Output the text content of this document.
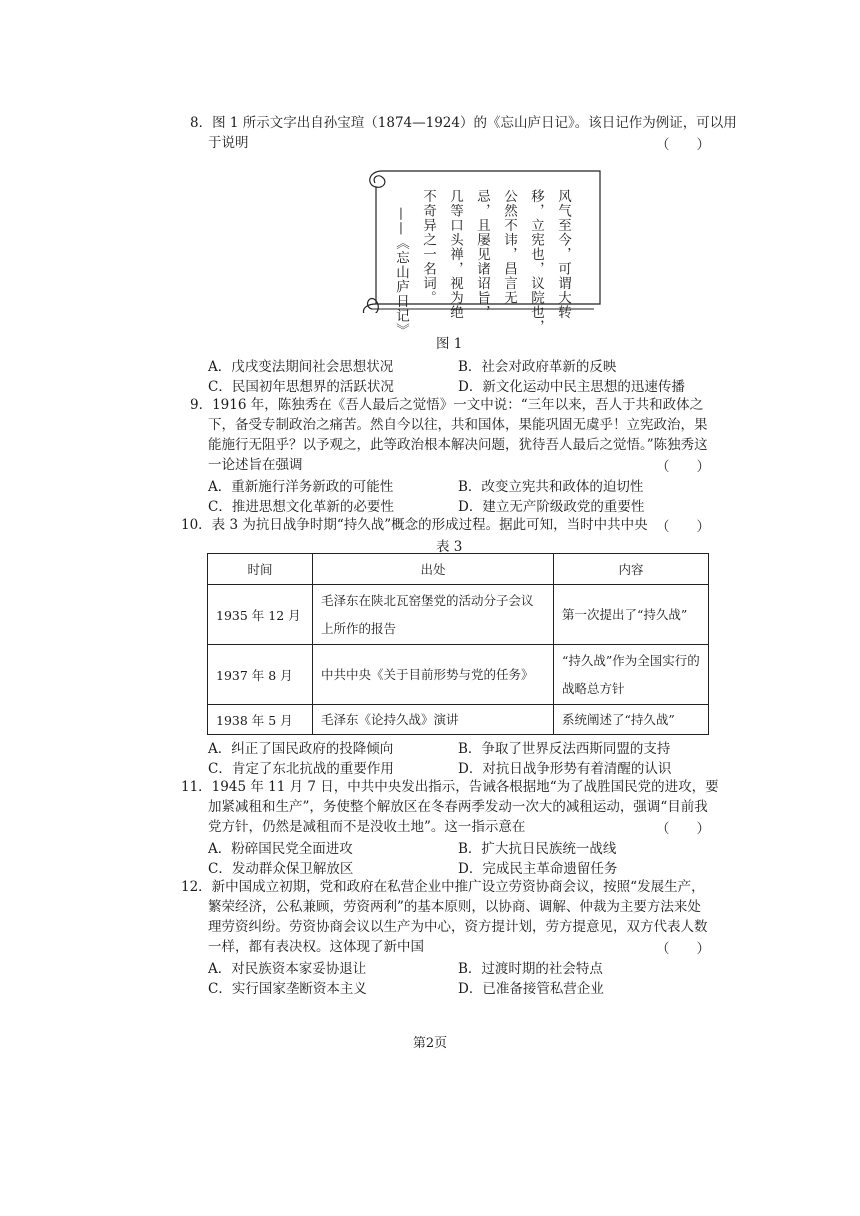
8．图 1 所示文字出自孙宝瑄（1874—1924）的《忘山庐日记》。该日记作为例证，可以用
于说明	（　　）
风气至今，可谓大转
移，立宪也，议院也，
公然不讳，昌言无
忌，且屡见诸诏旨，
几等口头禅，视为绝
不奇异之一名词。
——《忘山庐日记》
图 1
A．戊戌变法期间社会思想状况	B．社会对政府革新的反映
C．民国初年思想界的活跃状况	D．新文化运动中民主思想的迅速传播
9．1916 年，陈独秀在《吾人最后之觉悟》一文中说：“三年以来，吾人于共和政体之
下，备受专制政治之痛苦。然自今以往，共和国体，果能巩固无虞乎！立宪政治，果
能施行无阻乎？以予观之，此等政治根本解决问题，犹待吾人最后之觉悟。”陈独秀这
一论述旨在强调	（　　）
A．重新施行洋务新政的可能性	B．改变立宪共和政体的迫切性
C．推进思想文化革新的必要性	D．建立无产阶级政党的重要性
10．表 3 为抗日战争时期“持久战”概念的形成过程。据此可知，当时中共中央 （　　）
表 3
时间	出处	内容
1935 年 12 月	毛泽东在陕北瓦窑堡党的活动分子会议上所作的报告	第一次提出了“持久战”
1937 年 8 月	中共中央《关于目前形势与党的任务》	“持久战”作为全国实行的战略总方针
1938 年 5 月	毛泽东《论持久战》演讲	系统阐述了“持久战”
A．纠正了国民政府的投降倾向	B．争取了世界反法西斯同盟的支持
C．肯定了东北抗战的重要作用	D．对抗日战争形势有着清醒的认识
11．1945 年 11 月 7 日，中共中央发出指示，告诫各根据地“为了战胜国民党的进攻，要
加紧减租和生产”，务使整个解放区在冬春两季发动一次大的减租运动，强调“目前我
党方针，仍然是减租而不是没收土地”。这一指示意在	（　　）
A．粉碎国民党全面进攻	B．扩大抗日民族统一战线
C．发动群众保卫解放区	D．完成民主革命遗留任务
12．新中国成立初期，党和政府在私营企业中推广设立劳资协商会议，按照“发展生产，
繁荣经济，公私兼顾，劳资两利”的基本原则，以协商、调解、仲裁为主要方法来处
理劳资纠纷。劳资协商会议以生产为中心，资方提计划，劳方提意见，双方代表人数
一样，都有表决权。这体现了新中国	（　　）
A．对民族资本家妥协退让	B．过渡时期的社会特点
C．实行国家垄断资本主义	D．已准备接管私营企业
第2页
